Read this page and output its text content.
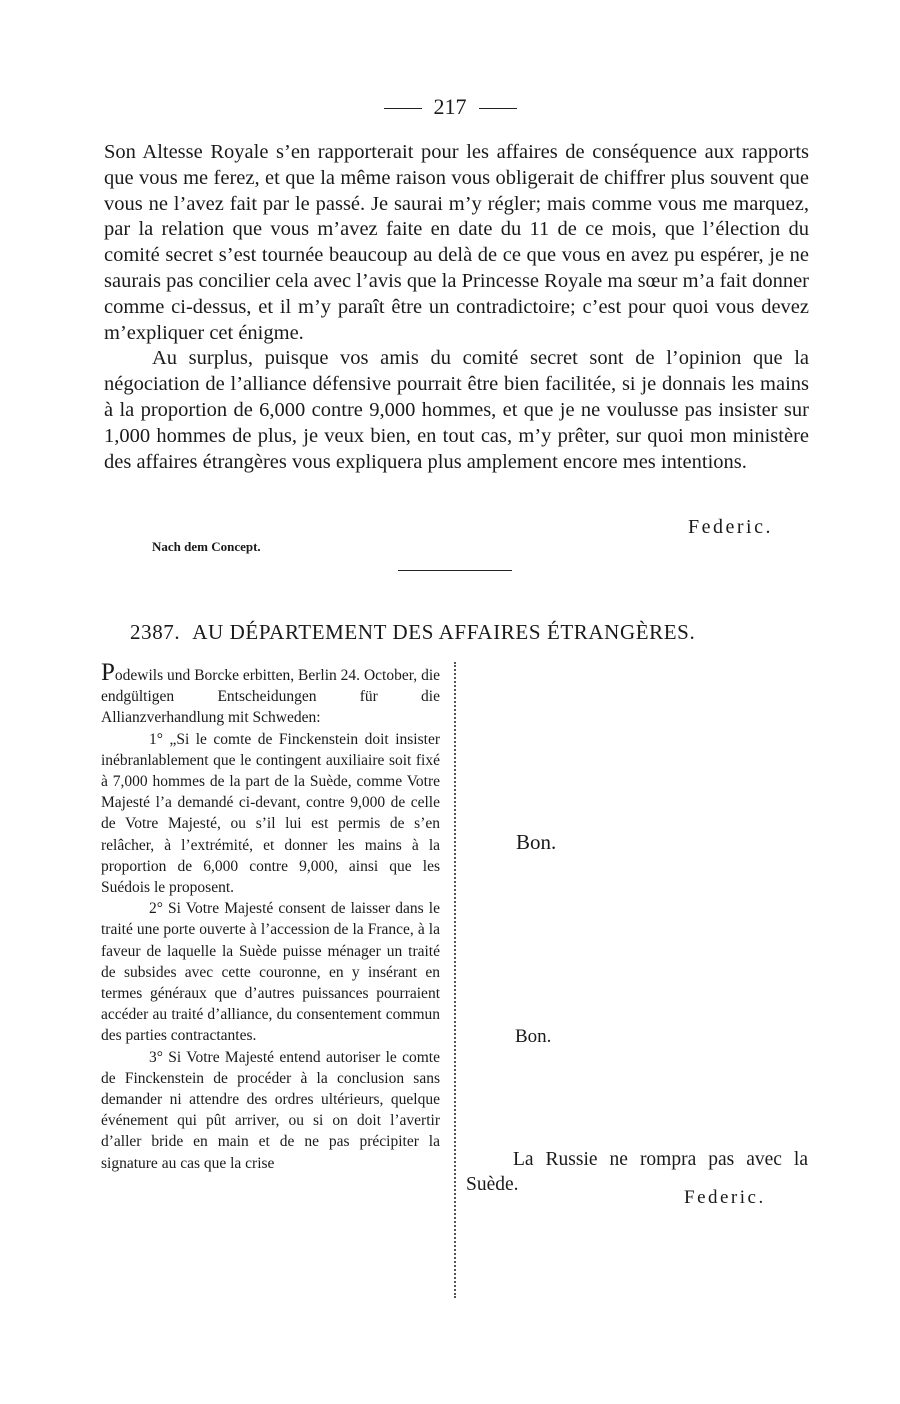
217

Son Altesse Royale s’en rapporterait pour les affaires de conséquence aux rapports que vous me ferez, et que la même raison vous obligerait de chiffrer plus souvent que vous ne l’avez fait par le passé. Je saurai m’y régler; mais comme vous me marquez, par la relation que vous m’avez faite en date du 11 de ce mois, que l’élection du comité secret s’est tournée beaucoup au delà de ce que vous en avez pu espérer, je ne saurais pas concilier cela avec l’avis que la Princesse Royale ma sœur m’a fait donner comme ci-dessus, et il m’y paraît être un contradictoire; c’est pour quoi vous devez m’expliquer cet énigme.

Au surplus, puisque vos amis du comité secret sont de l’opinion que la négociation de l’alliance défensive pourrait être bien facilitée, si je donnais les mains à la proportion de 6,000 contre 9,000 hommes, et que je ne voulusse pas insister sur 1,000 hommes de plus, je veux bien, en tout cas, m’y prêter, sur quoi mon ministère des affaires étrangères vous expliquera plus amplement encore mes intentions.

Federic.
Nach dem Concept.
2387. AU DÉPARTEMENT DES AFFAIRES ÉTRANGÈRES.

Podewils und Borcke erbitten, Berlin 24. October, die endgültigen Entscheidungen für die Allianzverhandlung mit Schweden:

1° „Si le comte de Finckenstein doit insister inébranlablement que le contingent auxiliaire soit fixé à 7,000 hommes de la part de la Suède, comme Votre Majesté l’a demandé ci-devant, contre 9,000 de celle de Votre Majesté, ou s’il lui est permis de s’en relâcher, à l’extrémité, et donner les mains à la proportion de 6,000 contre 9,000, ainsi que les Suédois le proposent.

2° Si Votre Majesté consent de laisser dans le traité une porte ouverte à l’accession de la France, à la faveur de laquelle la Suède puisse ménager un traité de subsides avec cette couronne, en y insérant en termes généraux que d’autres puissances pourraient accéder au traité d’alliance, du consentement commun des parties contractantes.

3° Si Votre Majesté entend autoriser le comte de Finckenstein de procéder à la conclusion sans demander ni attendre des ordres ultérieurs, quelque événement qui pût arriver, ou si on doit l’avertir d’aller bride en main et de ne pas précipiter la signature au cas que la crise

Bon.
Bon.
La Russie ne rompra pas avec la Suède.
Federic.
